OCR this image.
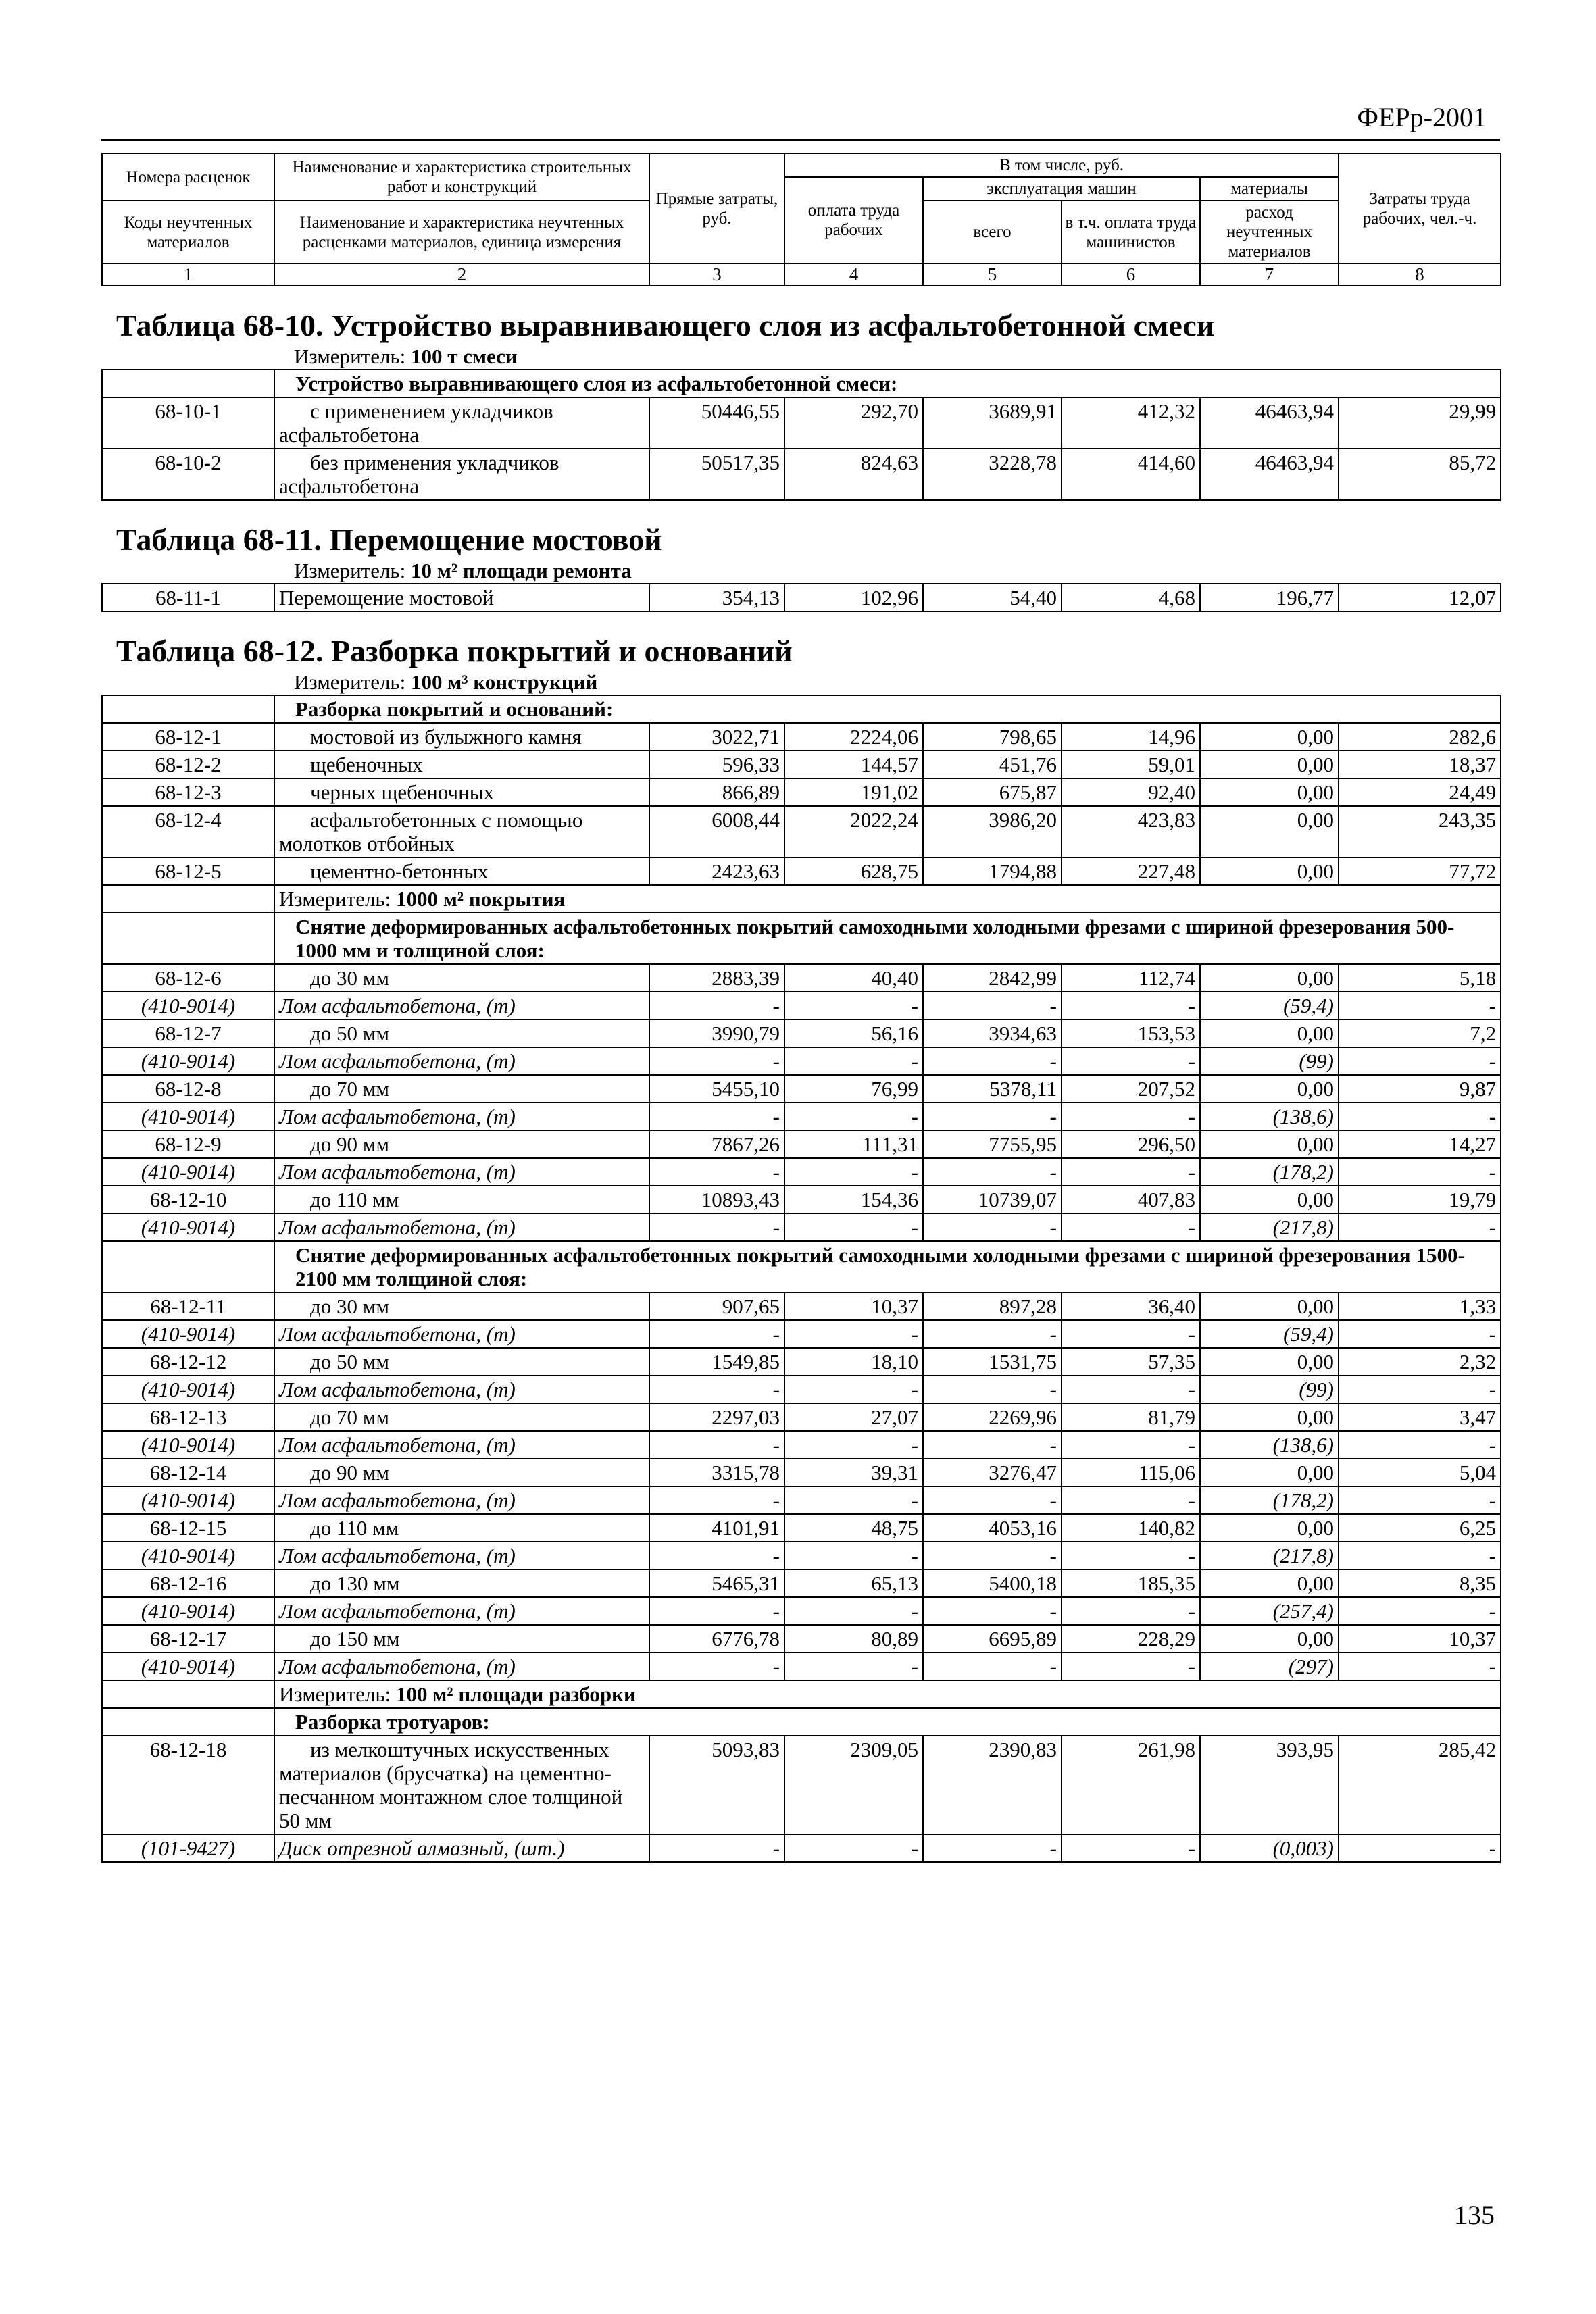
ФЕРр-2001
Номера расценок	Наименование и характеристика строительных работ и конструкций	Прямые затраты, руб.	В том числе, руб.				Затраты труда рабочих, чел.-ч.
			оплата труда рабочих	эксплуатация машин		материалы	
Коды неучтенных материалов	Наименование и характеристика неучтенных расценками материалов, единица измерения			всего	в т.ч. оплата труда машинистов	расход неучтенных материалов	

1	2	3	4	5	6	7	8
Таблица 68-10. Устройство выравнивающего слоя из асфальтобетонной смеси
Измеритель: 100 т смеси
	Устройство выравнивающего слоя из асфальтобетонной смеси:						
68-10-1	с применением укладчиков асфальтобетона	50446,55	292,70	3689,91	412,32	46463,94	29,99
68-10-2	без применения укладчиков асфальтобетона	50517,35	824,63	3228,78	414,60	46463,94	85,72
Таблица 68-11. Перемощение мостовой
Измеритель: 10 м² площади ремонта
68-11-1	Перемощение мостовой	354,13	102,96	54,40	4,68	196,77	12,07
Таблица 68-12. Разборка покрытий и оснований
Измеритель: 100 м³ конструкций
	Разборка покрытий и оснований:						
68-12-1	мостовой из булыжного камня	3022,71	2224,06	798,65	14,96	0,00	282,6
68-12-2	щебеночных	596,33	144,57	451,76	59,01	0,00	18,37
68-12-3	черных щебеночных	866,89	191,02	675,87	92,40	0,00	24,49
68-12-4	асфальтобетонных с помощью молотков отбойных	6008,44	2022,24	3986,20	423,83	0,00	243,35
68-12-5	цементно-бетонных	2423,63	628,75	1794,88	227,48	0,00	77,72
	Измеритель: 1000 м² покрытия						
	Снятие деформированных асфальтобетонных покрытий самоходными холодными фрезами с шириной фрезерования 500-1000 мм и толщиной слоя:						
68-12-6	до 30 мм	2883,39	40,40	2842,99	112,74	0,00	5,18
(410-9014)	Лом асфальтобетона, (т)	-	-	-	-	(59,4)	-
68-12-7	до 50 мм	3990,79	56,16	3934,63	153,53	0,00	7,2
(410-9014)	Лом асфальтобетона, (т)	-	-	-	-	(99)	-
68-12-8	до 70 мм	5455,10	76,99	5378,11	207,52	0,00	9,87
(410-9014)	Лом асфальтобетона, (т)	-	-	-	-	(138,6)	-
68-12-9	до 90 мм	7867,26	111,31	7755,95	296,50	0,00	14,27
(410-9014)	Лом асфальтобетона, (т)	-	-	-	-	(178,2)	-
68-12-10	до 110 мм	10893,43	154,36	10739,07	407,83	0,00	19,79
(410-9014)	Лом асфальтобетона, (т)	-	-	-	-	(217,8)	-
	Снятие деформированных асфальтобетонных покрытий самоходными холодными фрезами с шириной фрезерования 1500-2100 мм толщиной слоя:						
68-12-11	до 30 мм	907,65	10,37	897,28	36,40	0,00	1,33
(410-9014)	Лом асфальтобетона, (т)	-	-	-	-	(59,4)	-
68-12-12	до 50 мм	1549,85	18,10	1531,75	57,35	0,00	2,32
(410-9014)	Лом асфальтобетона, (т)	-	-	-	-	(99)	-
68-12-13	до 70 мм	2297,03	27,07	2269,96	81,79	0,00	3,47
(410-9014)	Лом асфальтобетона, (т)	-	-	-	-	(138,6)	-
68-12-14	до 90 мм	3315,78	39,31	3276,47	115,06	0,00	5,04
(410-9014)	Лом асфальтобетона, (т)	-	-	-	-	(178,2)	-
68-12-15	до 110 мм	4101,91	48,75	4053,16	140,82	0,00	6,25
(410-9014)	Лом асфальтобетона, (т)	-	-	-	-	(217,8)	-
68-12-16	до 130 мм	5465,31	65,13	5400,18	185,35	0,00	8,35
(410-9014)	Лом асфальтобетона, (т)	-	-	-	-	(257,4)	-
68-12-17	до 150 мм	6776,78	80,89	6695,89	228,29	0,00	10,37
(410-9014)	Лом асфальтобетона, (т)	-	-	-	-	(297)	-
	Измеритель: 100 м² площади разборки						
	Разборка тротуаров:						
68-12-18	из мелкоштучных искусственных материалов (брусчатка) на цементно-песчанном монтажном слое толщиной 50 мм	5093,83	2309,05	2390,83	261,98	393,95	285,42
(101-9427)	Диск отрезной алмазный, (шт.)	-	-	-	-	(0,003)	-
135
